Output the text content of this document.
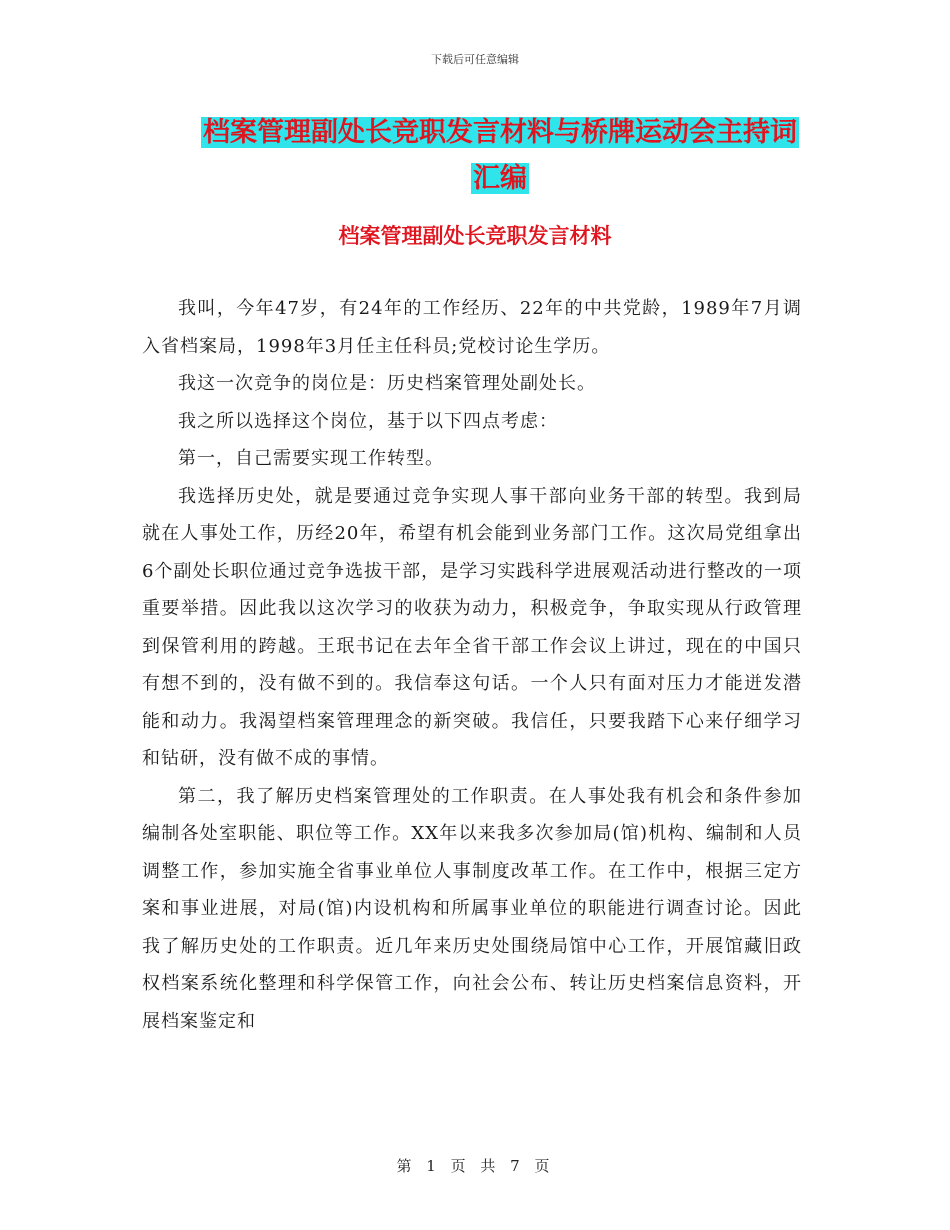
下载后可任意编辑
档案管理副处长竞职发言材料与桥牌运动会主持词汇编
档案管理副处长竞职发言材料

我叫，今年47岁，有24年的工作经历、22年的中共党龄，1989年7月调入省档案局，1998年3月任主任科员;党校讨论生学历。

我这一次竞争的岗位是：历史档案管理处副处长。

我之所以选择这个岗位，基于以下四点考虑：

第一，自己需要实现工作转型。

我选择历史处，就是要通过竞争实现人事干部向业务干部的转型。我到局就在人事处工作，历经20年，希望有机会能到业务部门工作。这次局党组拿出6个副处长职位通过竞争选拔干部，是学习实践科学进展观活动进行整改的一项重要举措。因此我以这次学习的收获为动力，积极竞争，争取实现从行政管理到保管利用的跨越。王珉书记在去年全省干部工作会议上讲过，现在的中国只有想不到的，没有做不到的。我信奉这句话。一个人只有面对压力才能迸发潜能和动力。我渴望档案管理理念的新突破。我信任，只要我踏下心来仔细学习和钻研，没有做不成的事情。

第二，我了解历史档案管理处的工作职责。在人事处我有机会和条件参加编制各处室职能、职位等工作。XX年以来我多次参加局(馆)机构、编制和人员调整工作，参加实施全省事业单位人事制度改革工作。在工作中，根据三定方案和事业进展，对局(馆)内设机构和所属事业单位的职能进行调查讨论。因此我了解历史处的工作职责。近几年来历史处围绕局馆中心工作，开展馆藏旧政权档案系统化整理和科学保管工作，向社会公布、转让历史档案信息资料，开展档案鉴定和

第 1 页 共 7 页
